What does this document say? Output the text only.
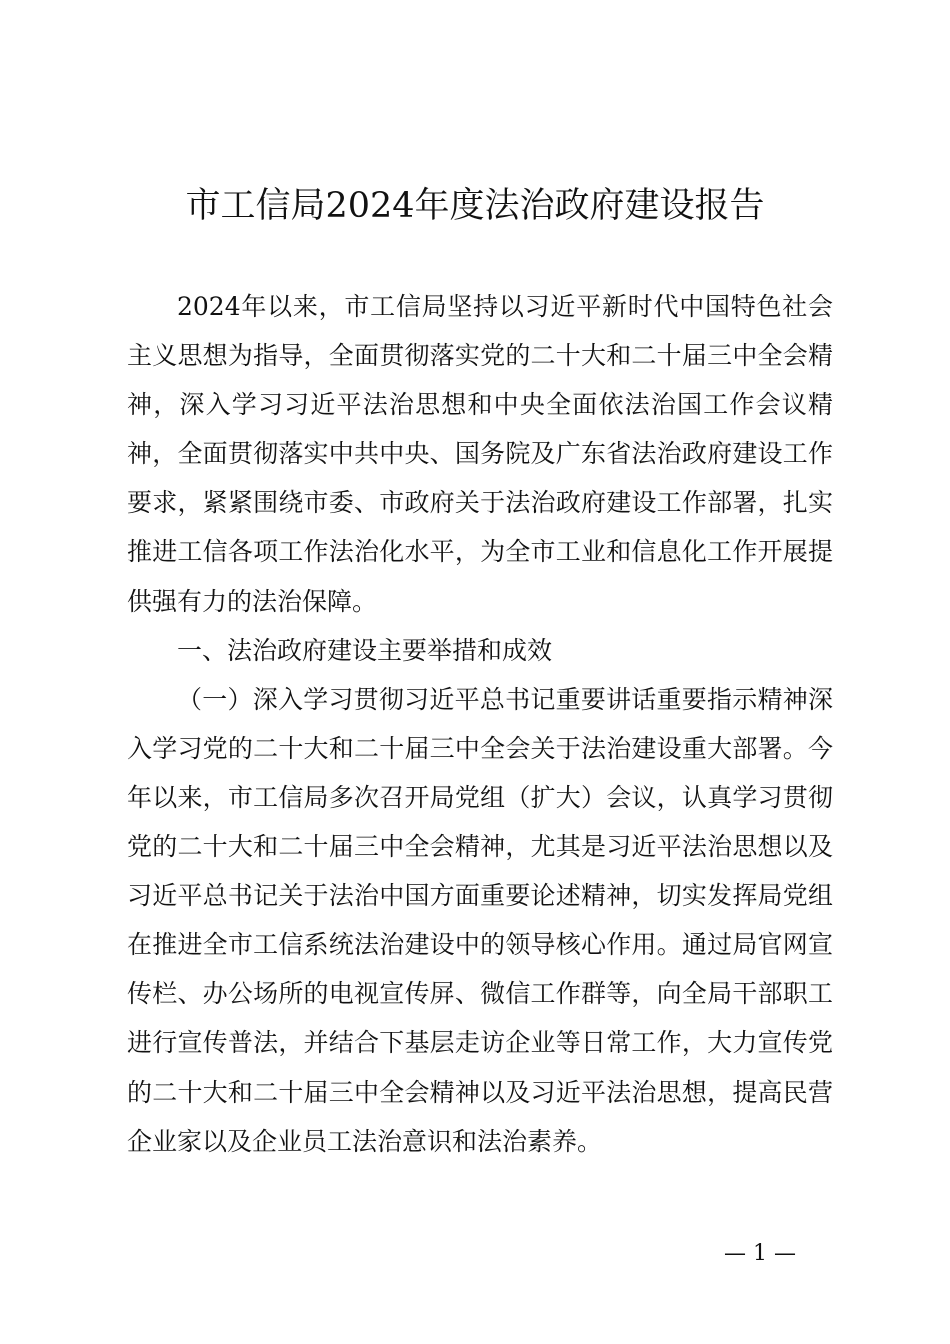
市工信局2024年度法治政府建设报告

2024年以来，市工信局坚持以习近平新时代中国特色社会主义思想为指导，全面贯彻落实党的二十大和二十届三中全会精神，深入学习习近平法治思想和中央全面依法治国工作会议精神，全面贯彻落实中共中央、国务院及广东省法治政府建设工作要求，紧紧围绕市委、市政府关于法治政府建设工作部署，扎实推进工信各项工作法治化水平，为全市工业和信息化工作开展提供强有力的法治保障。

一、法治政府建设主要举措和成效

（一）深入学习贯彻习近平总书记重要讲话重要指示精神深入学习党的二十大和二十届三中全会关于法治建设重大部署。今年以来，市工信局多次召开局党组（扩大）会议，认真学习贯彻党的二十大和二十届三中全会精神，尤其是习近平法治思想以及习近平总书记关于法治中国方面重要论述精神，切实发挥局党组在推进全市工信系统法治建设中的领导核心作用。通过局官网宣传栏、办公场所的电视宣传屏、微信工作群等，向全局干部职工进行宣传普法，并结合下基层走访企业等日常工作，大力宣传党的二十大和二十届三中全会精神以及习近平法治思想，提高民营企业家以及企业员工法治意识和法治素养。

— 1 —
